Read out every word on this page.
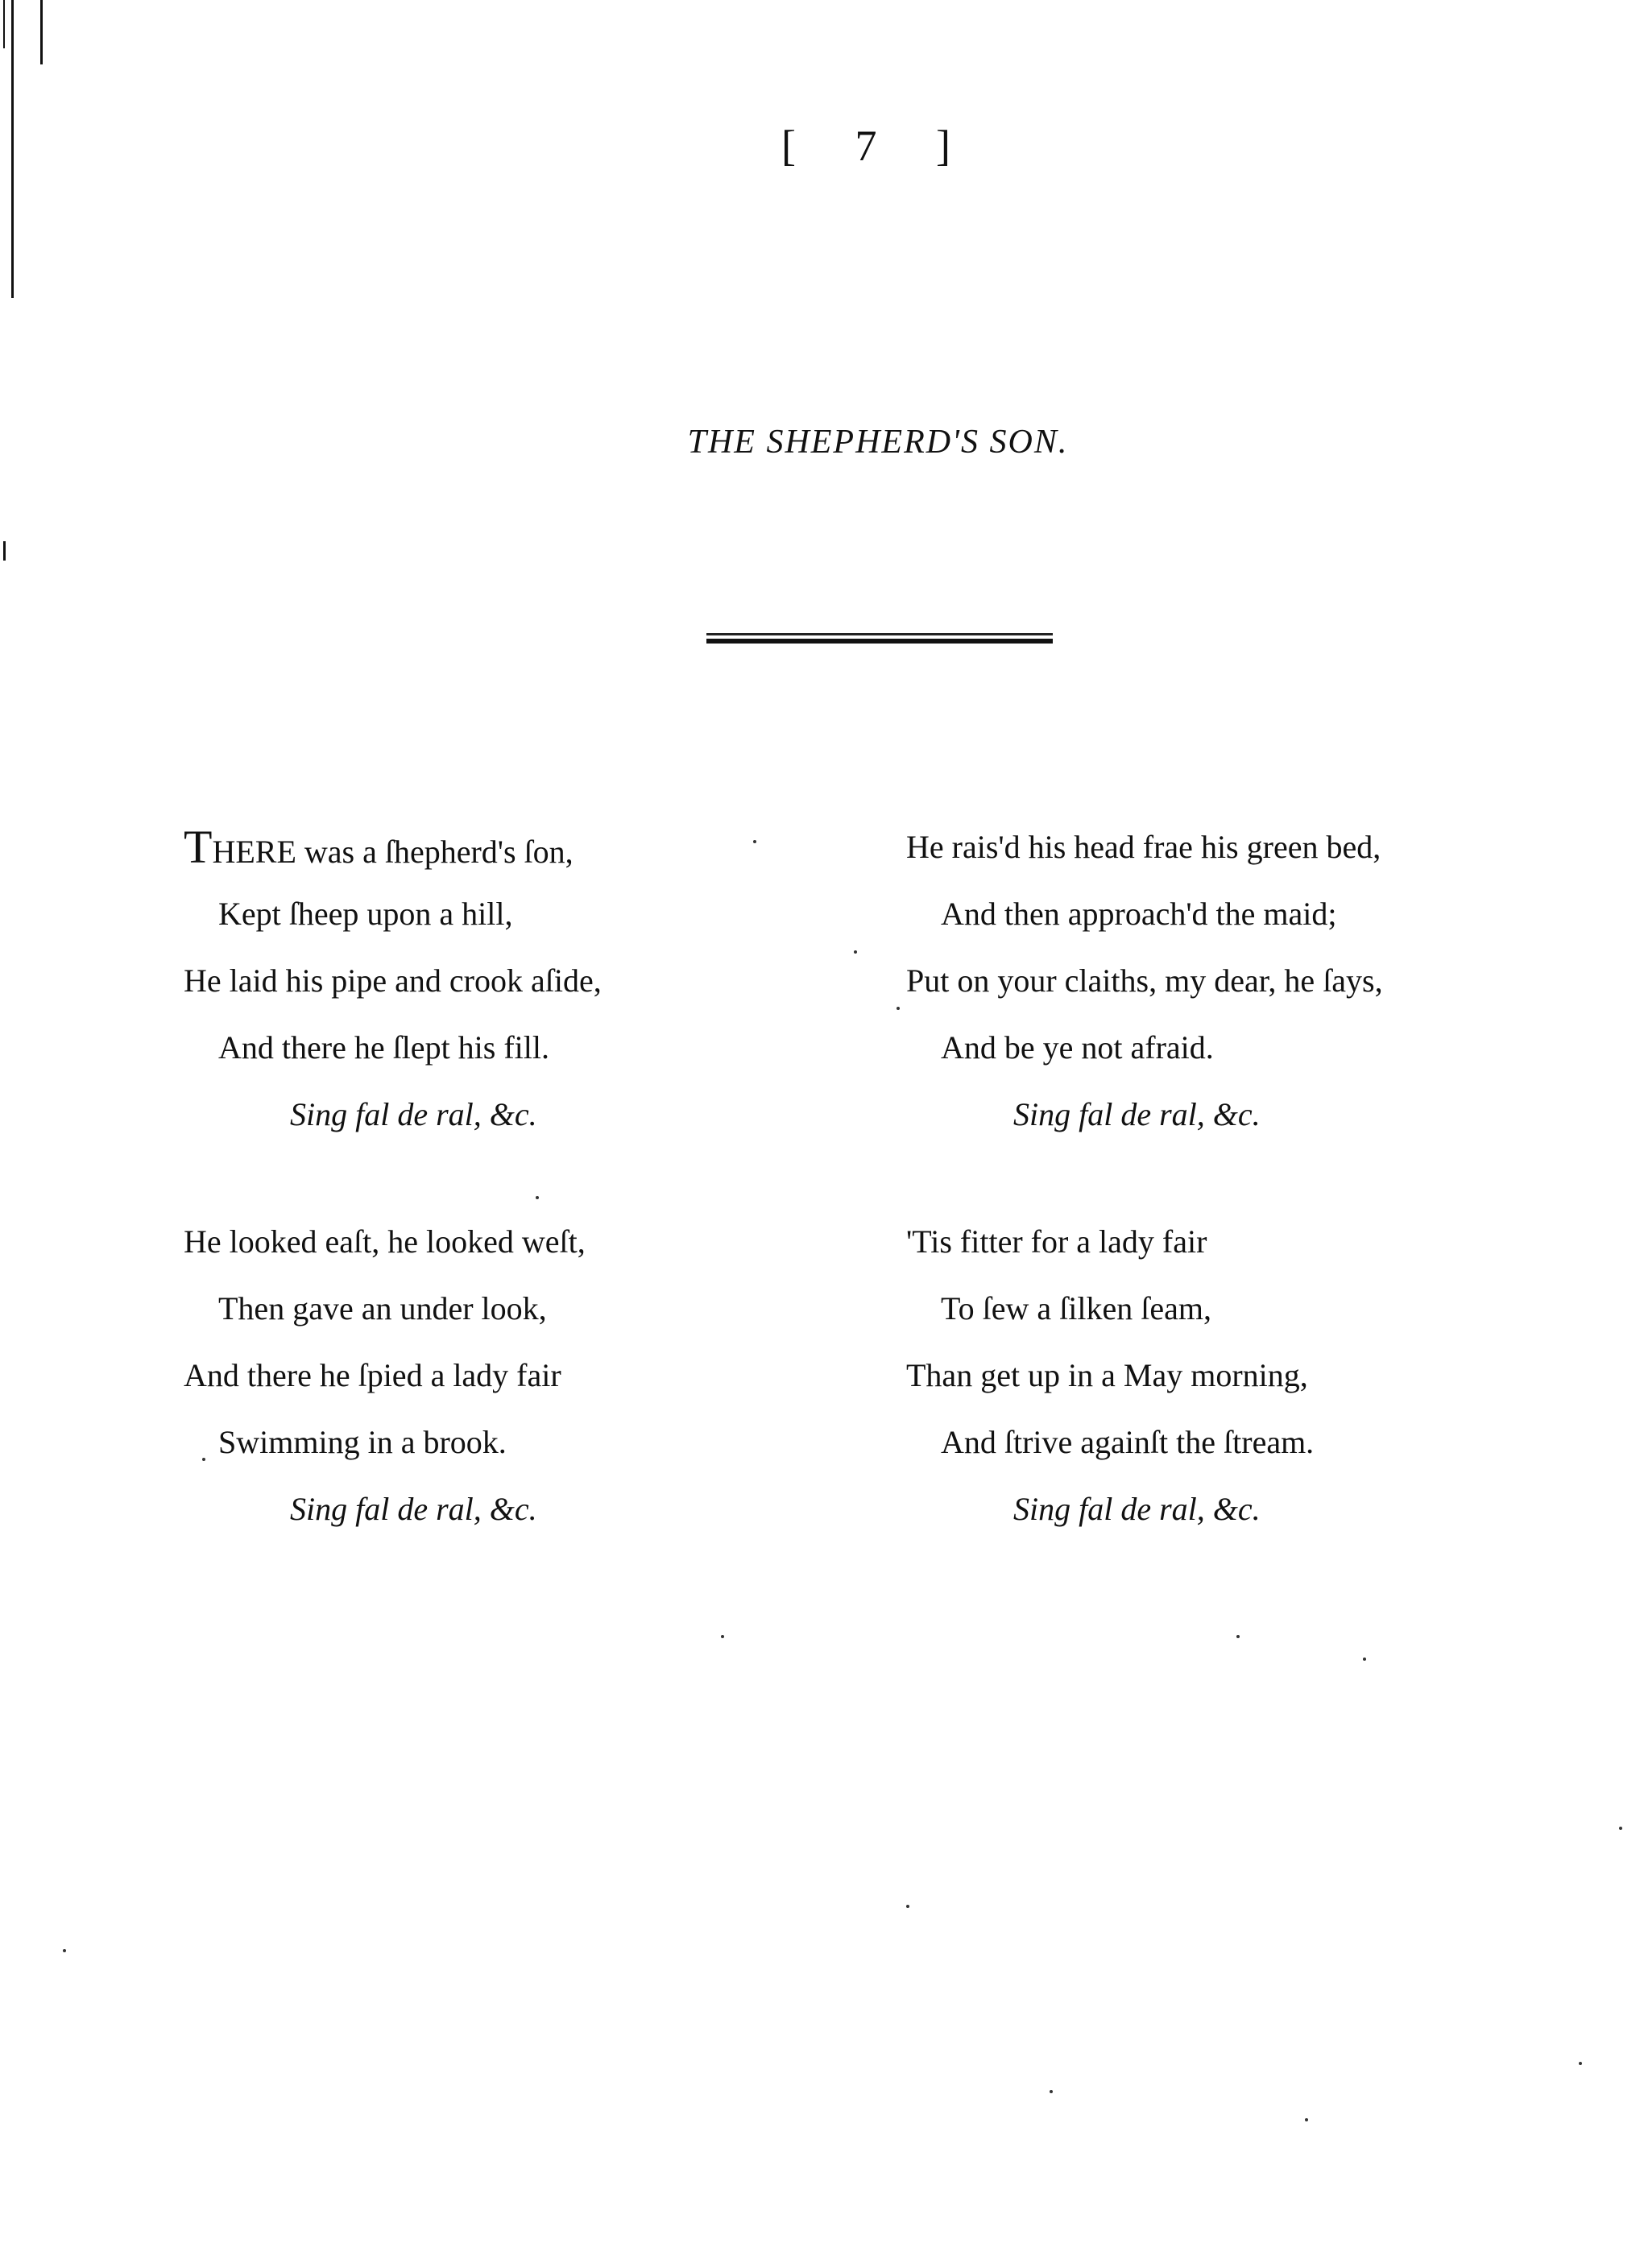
[ 7 ]
THE SHEPHERD'S SON.
THERE was a ſhepherd's ſon,
Kept ſheep upon a hill,
He laid his pipe and crook aſide,
And there he ſlept his fill.
Sing fal de ral, &c.
He looked eaſt, he looked weſt,
Then gave an under look,
And there he ſpied a lady fair
Swimming in a brook.
Sing fal de ral, &c.
He rais'd his head frae his green bed,
And then approach'd the maid;
Put on your claiths, my dear, he ſays,
And be ye not afraid.
Sing fal de ral, &c.
'Tis fitter for a lady fair
To ſew a ſilken ſeam,
Than get up in a May morning,
And ſtrive againſt the ſtream.
Sing fal de ral, &c.
